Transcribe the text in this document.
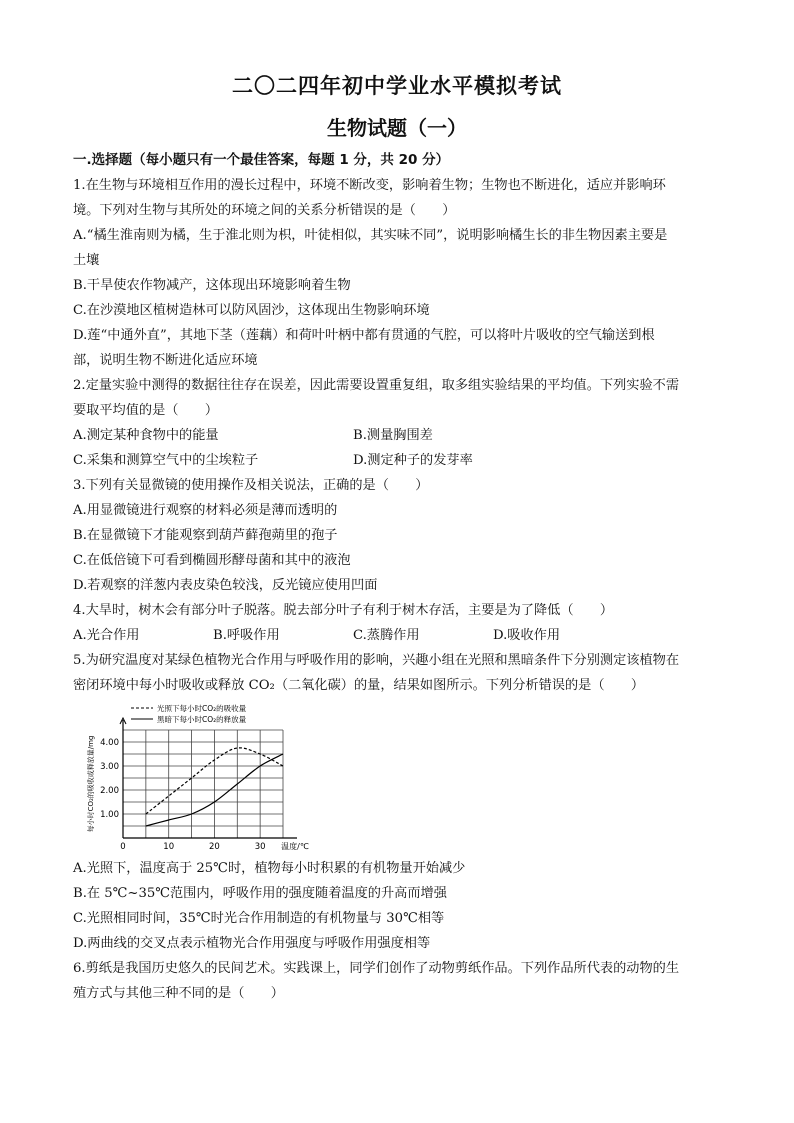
二〇二四年初中学业水平模拟考试
生物试题（一）
一.选择题（每小题只有一个最佳答案，每题 1 分，共 20 分）
1.在生物与环境相互作用的漫长过程中，环境不断改变，影响着生物；生物也不断进化，适应并影响环
境。下列对生物与其所处的环境之间的关系分析错误的是（　　）
A.“橘生淮南则为橘，生于淮北则为枳，叶徒相似，其实味不同”，说明影响橘生长的非生物因素主要是
土壤
B.干旱使农作物减产，这体现出环境影响着生物
C.在沙漠地区植树造林可以防风固沙，这体现出生物影响环境
D.莲“中通外直”，其地下茎（莲藕）和荷叶叶柄中都有贯通的气腔，可以将叶片吸收的空气输送到根
部，说明生物不断进化适应环境
2.定量实验中测得的数据往往存在误差，因此需要设置重复组，取多组实验结果的平均值。下列实验不需
要取平均值的是（　　）
A.测定某种食物中的能量	B.测量胸围差
C.采集和测算空气中的尘埃粒子	D.测定种子的发芽率
3.下列有关显微镜的使用操作及相关说法，正确的是（　　）
A.用显微镜进行观察的材料必须是薄而透明的
B.在显微镜下才能观察到葫芦藓孢蒴里的孢子
C.在低倍镜下可看到椭圆形酵母菌和其中的液泡
D.若观察的洋葱内表皮染色较浅，反光镜应使用凹面
4.大旱时，树木会有部分叶子脱落。脱去部分叶子有利于树木存活，主要是为了降低（　　）
A.光合作用	B.呼吸作用	C.蒸腾作用	D.吸收作用
5.为研究温度对某绿色植物光合作用与呼吸作用的影响，兴趣小组在光照和黑暗条件下分别测定该植物在
密闭环境中每小时吸收或释放 CO₂（二氧化碳）的量，结果如图所示。下列分析错误的是（　　）
1.00
2.00
3.00
4.00
0	10	20	30 温度/℃
每小时CO₂的吸收或释放量/mg
光照下每小时CO₂的吸收量
黑暗下每小时CO₂的释放量
A.光照下，温度高于 25℃时，植物每小时积累的有机物量开始减少
B.在 5℃~35℃范围内，呼吸作用的强度随着温度的升高而增强
C.光照相同时间，35℃时光合作用制造的有机物量与 30℃相等
D.两曲线的交叉点表示植物光合作用强度与呼吸作用强度相等
6.剪纸是我国历史悠久的民间艺术。实践课上，同学们创作了动物剪纸作品。下列作品所代表的动物的生
殖方式与其他三种不同的是（　　）
